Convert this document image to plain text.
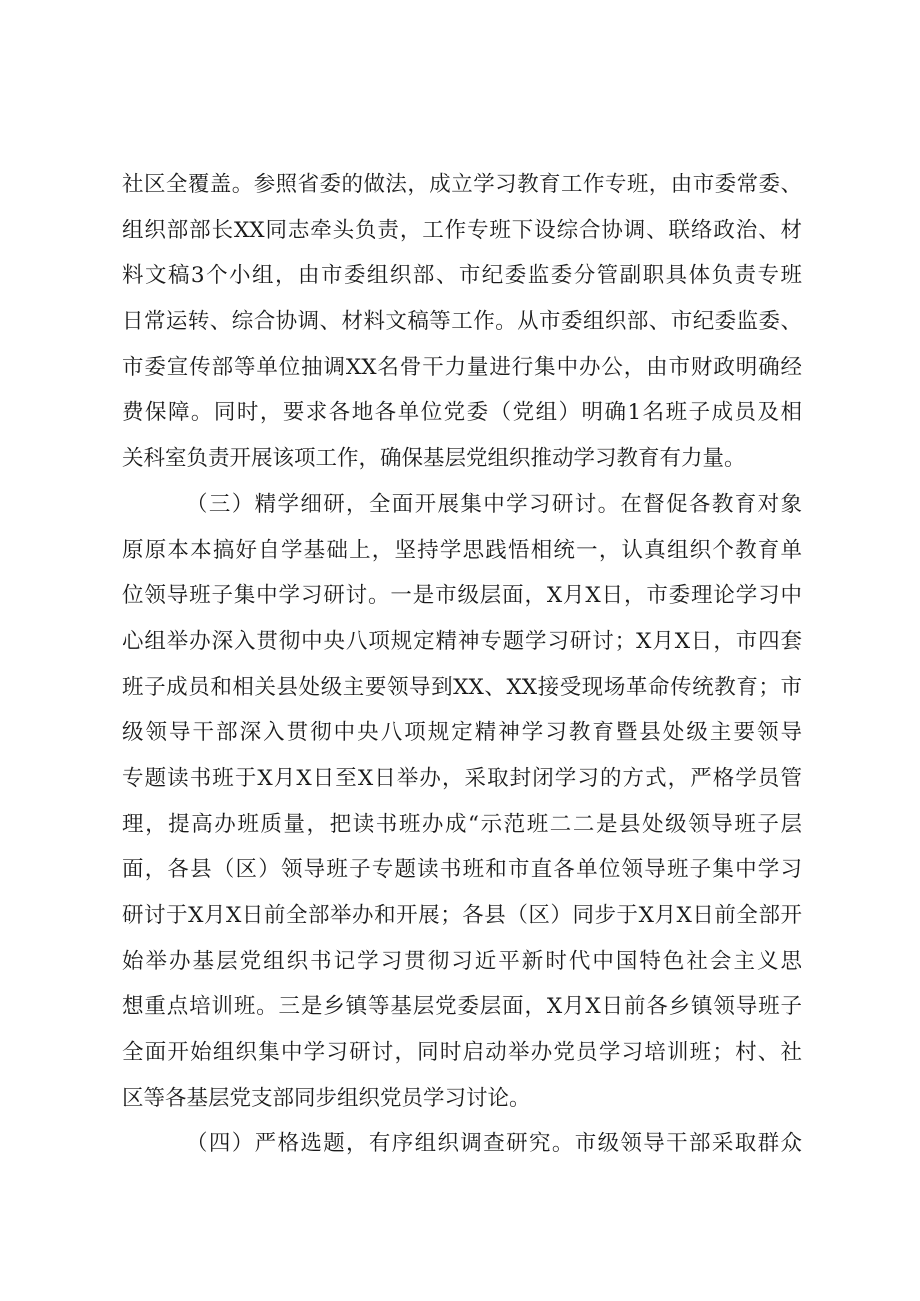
社区全覆盖。参照省委的做法，成立学习教育工作专班，由市委常委、
组织部部长XX同志牵头负责，工作专班下设综合协调、联络政治、材
料文稿3个小组，由市委组织部、市纪委监委分管副职具体负责专班
日常运转、综合协调、材料文稿等工作。从市委组织部、市纪委监委、
市委宣传部等单位抽调XX名骨干力量进行集中办公，由市财政明确经
费保障。同时，要求各地各单位党委（党组）明确1名班子成员及相
关科室负责开展该项工作，确保基层党组织推动学习教育有力量。
（三）精学细研，全面开展集中学习研讨。在督促各教育对象
原原本本搞好自学基础上，坚持学思践悟相统一，认真组织个教育单
位领导班子集中学习研讨。一是市级层面，X月X日，市委理论学习中
心组举办深入贯彻中央八项规定精神专题学习研讨；X月X日，市四套
班子成员和相关县处级主要领导到XX、XX接受现场革命传统教育；市
级领导干部深入贯彻中央八项规定精神学习教育暨县处级主要领导
专题读书班于X月X日至X日举办，采取封闭学习的方式，严格学员管
理，提高办班质量，把读书班办成“示范班二二是县处级领导班子层
面，各县（区）领导班子专题读书班和市直各单位领导班子集中学习
研讨于X月X日前全部举办和开展；各县（区）同步于X月X日前全部开
始举办基层党组织书记学习贯彻习近平新时代中国特色社会主义思
想重点培训班。三是乡镇等基层党委层面，X月X日前各乡镇领导班子
全面开始组织集中学习研讨，同时启动举办党员学习培训班；村、社
区等各基层党支部同步组织党员学习讨论。
（四）严格选题，有序组织调查研究。市级领导干部采取群众
